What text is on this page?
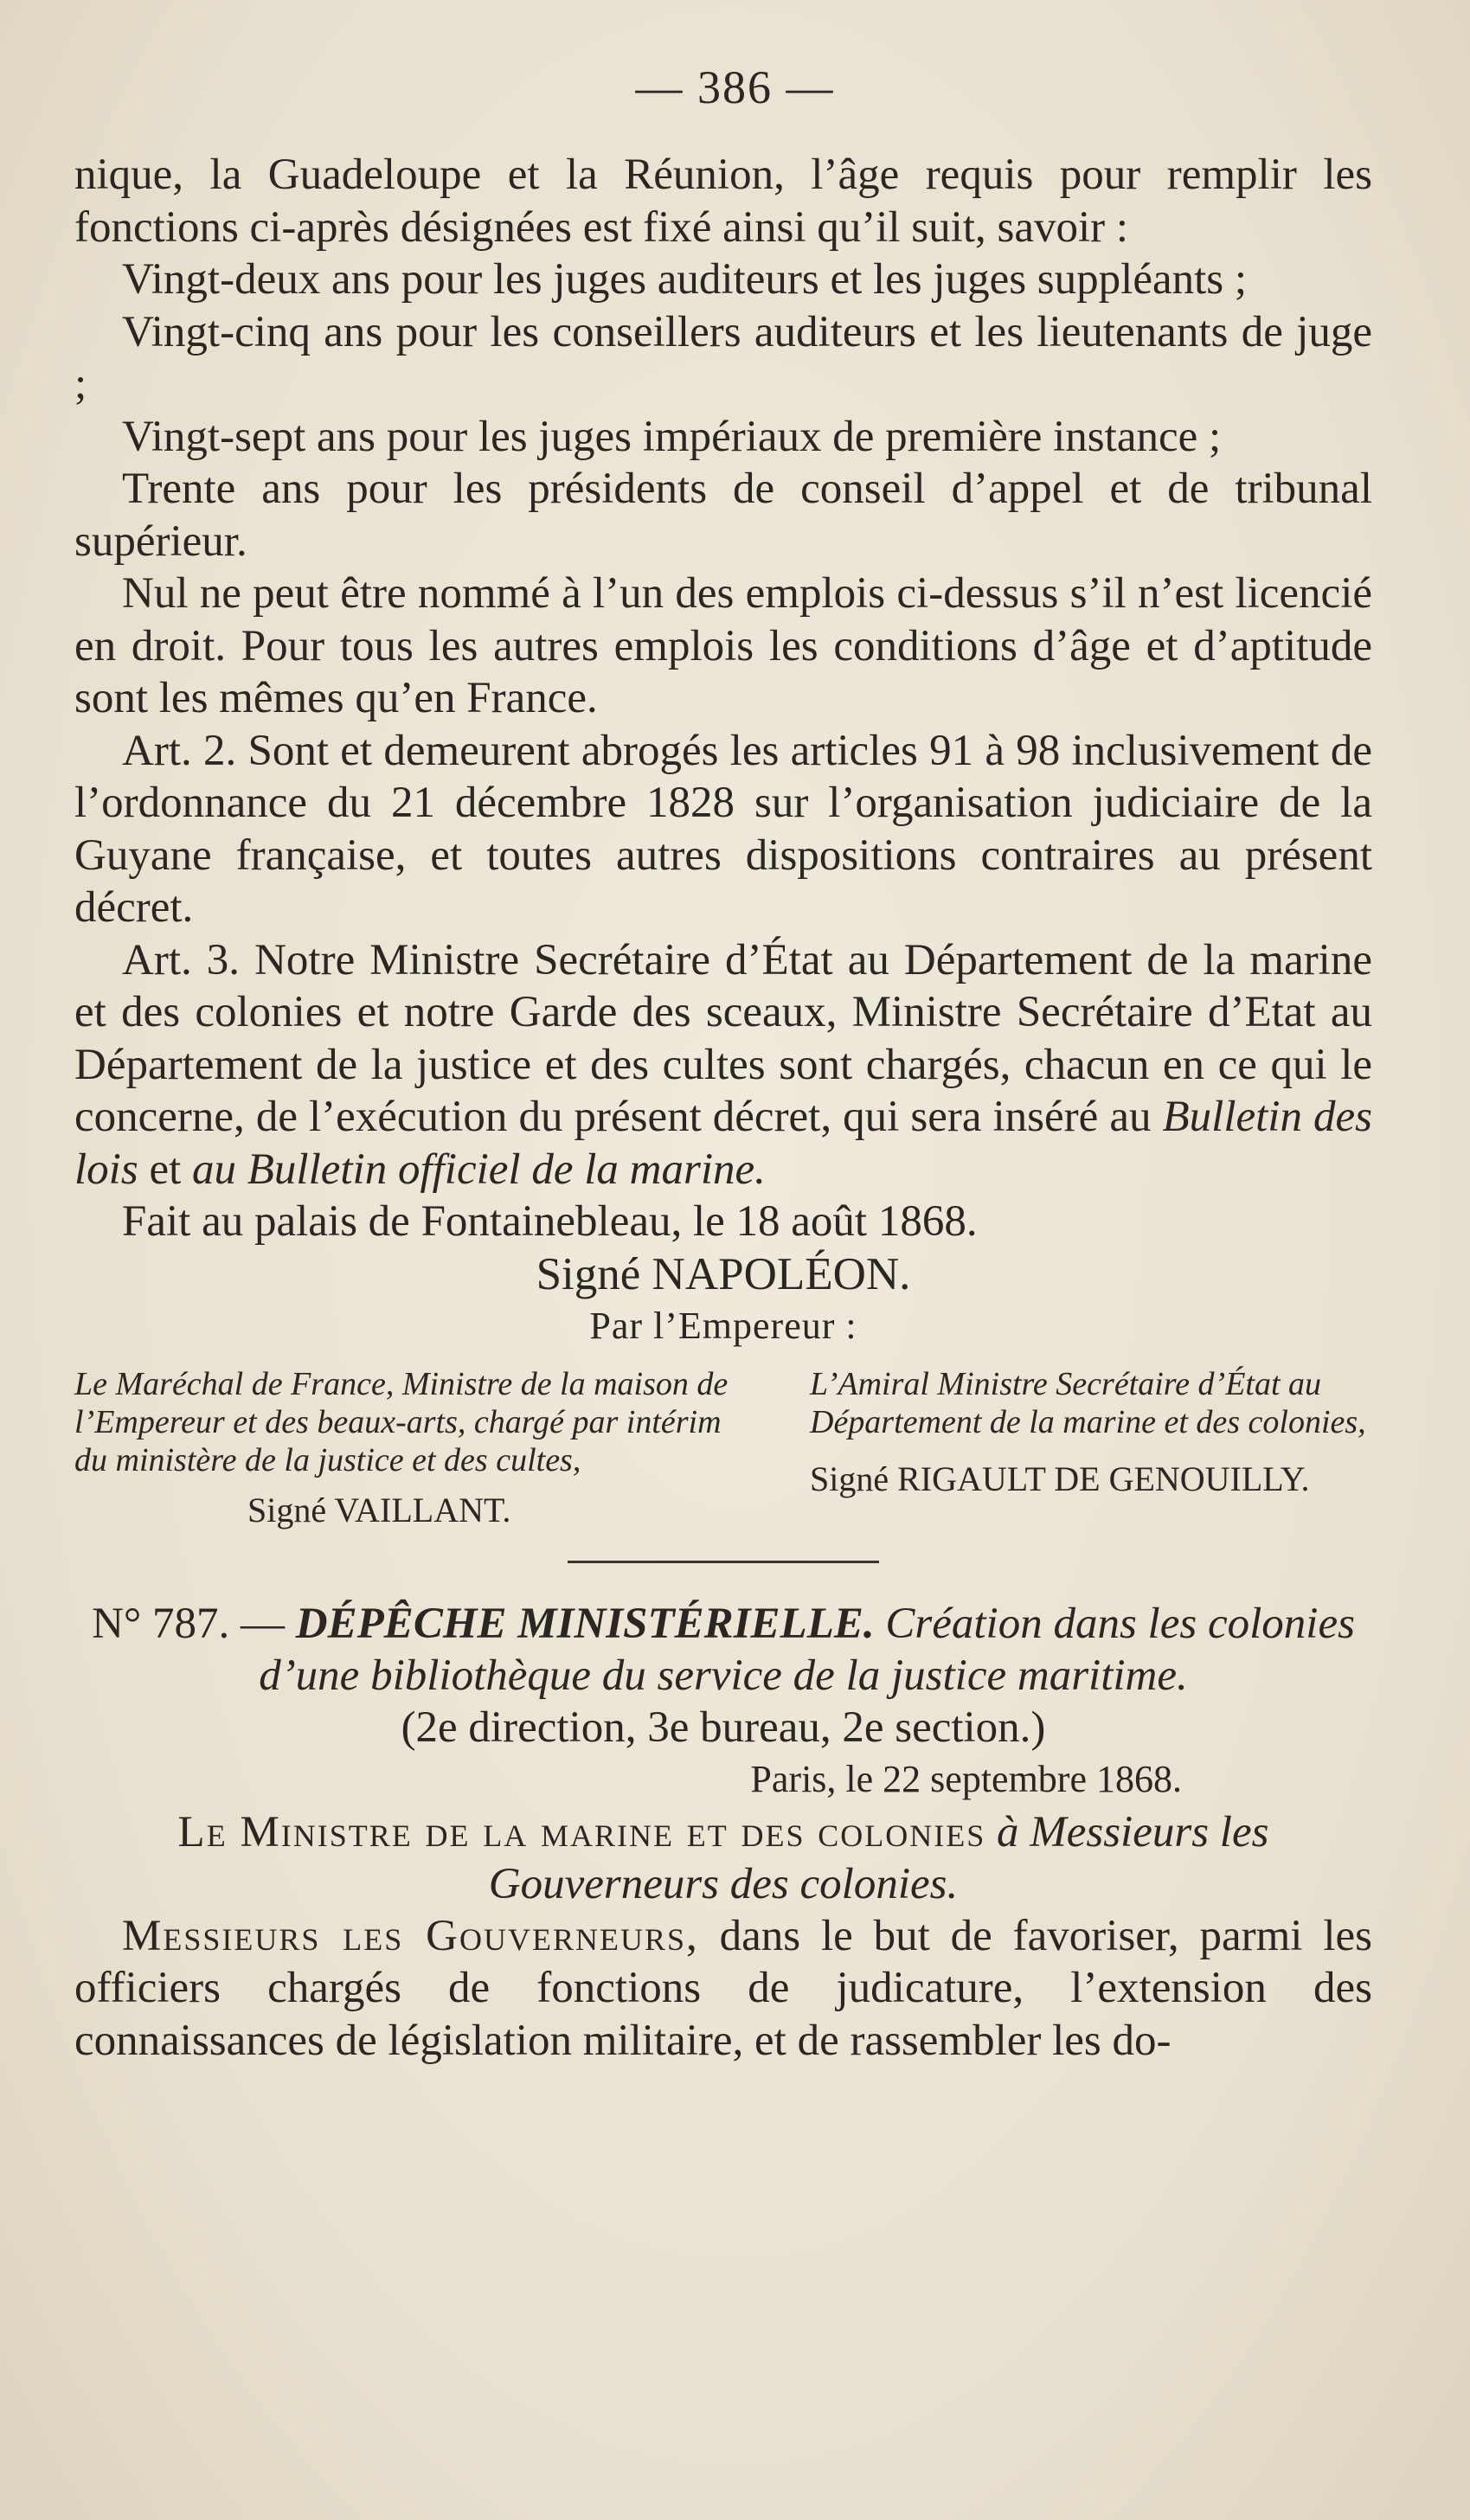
— 386 —

nique, la Guadeloupe et la Réunion, l’âge requis pour remplir les fonctions ci-après désignées est fixé ainsi qu’il suit, savoir :

Vingt-deux ans pour les juges auditeurs et les juges suppléants ;

Vingt-cinq ans pour les conseillers auditeurs et les lieutenants de juge ;

Vingt-sept ans pour les juges impériaux de première instance ;

Trente ans pour les présidents de conseil d’appel et de tribunal supérieur.

Nul ne peut être nommé à l’un des emplois ci-dessus s’il n’est licencié en droit. Pour tous les autres emplois les conditions d’âge et d’aptitude sont les mêmes qu’en France.

Art. 2. Sont et demeurent abrogés les articles 91 à 98 inclusivement de l’ordonnance du 21 décembre 1828 sur l’organisation judiciaire de la Guyane française, et toutes autres dispositions contraires au présent décret.

Art. 3. Notre Ministre Secrétaire d’État au Département de la marine et des colonies et notre Garde des sceaux, Ministre Secrétaire d’Etat au Département de la justice et des cultes sont chargés, chacun en ce qui le concerne, de l’exécution du présent décret, qui sera inséré au Bulletin des lois et au Bulletin officiel de la marine.

Fait au palais de Fontainebleau, le 18 août 1868.

Signé NAPOLÉON.

Par l’Empereur :

Le Maréchal de France, Ministre de la maison de l’Empereur et des beaux-arts, chargé par intérim du ministère de la justice et des cultes,
Signé VAILLANT.
L’Amiral Ministre Secrétaire d’État au Département de la marine et des colonies,
Signé RIGAULT DE GENOUILLY.

N° 787. — DÉPÊCHE MINISTÉRIELLE. Création dans les colonies d’une bibliothèque du service de la justice maritime.

(2e direction, 3e bureau, 2e section.)

Paris, le 22 septembre 1868.

Le Ministre de la marine et des colonies à Messieurs les Gouverneurs des colonies.

Messieurs les Gouverneurs, dans le but de favoriser, parmi les officiers chargés de fonctions de judicature, l’extension des connaissances de législation militaire, et de rassembler les do-
